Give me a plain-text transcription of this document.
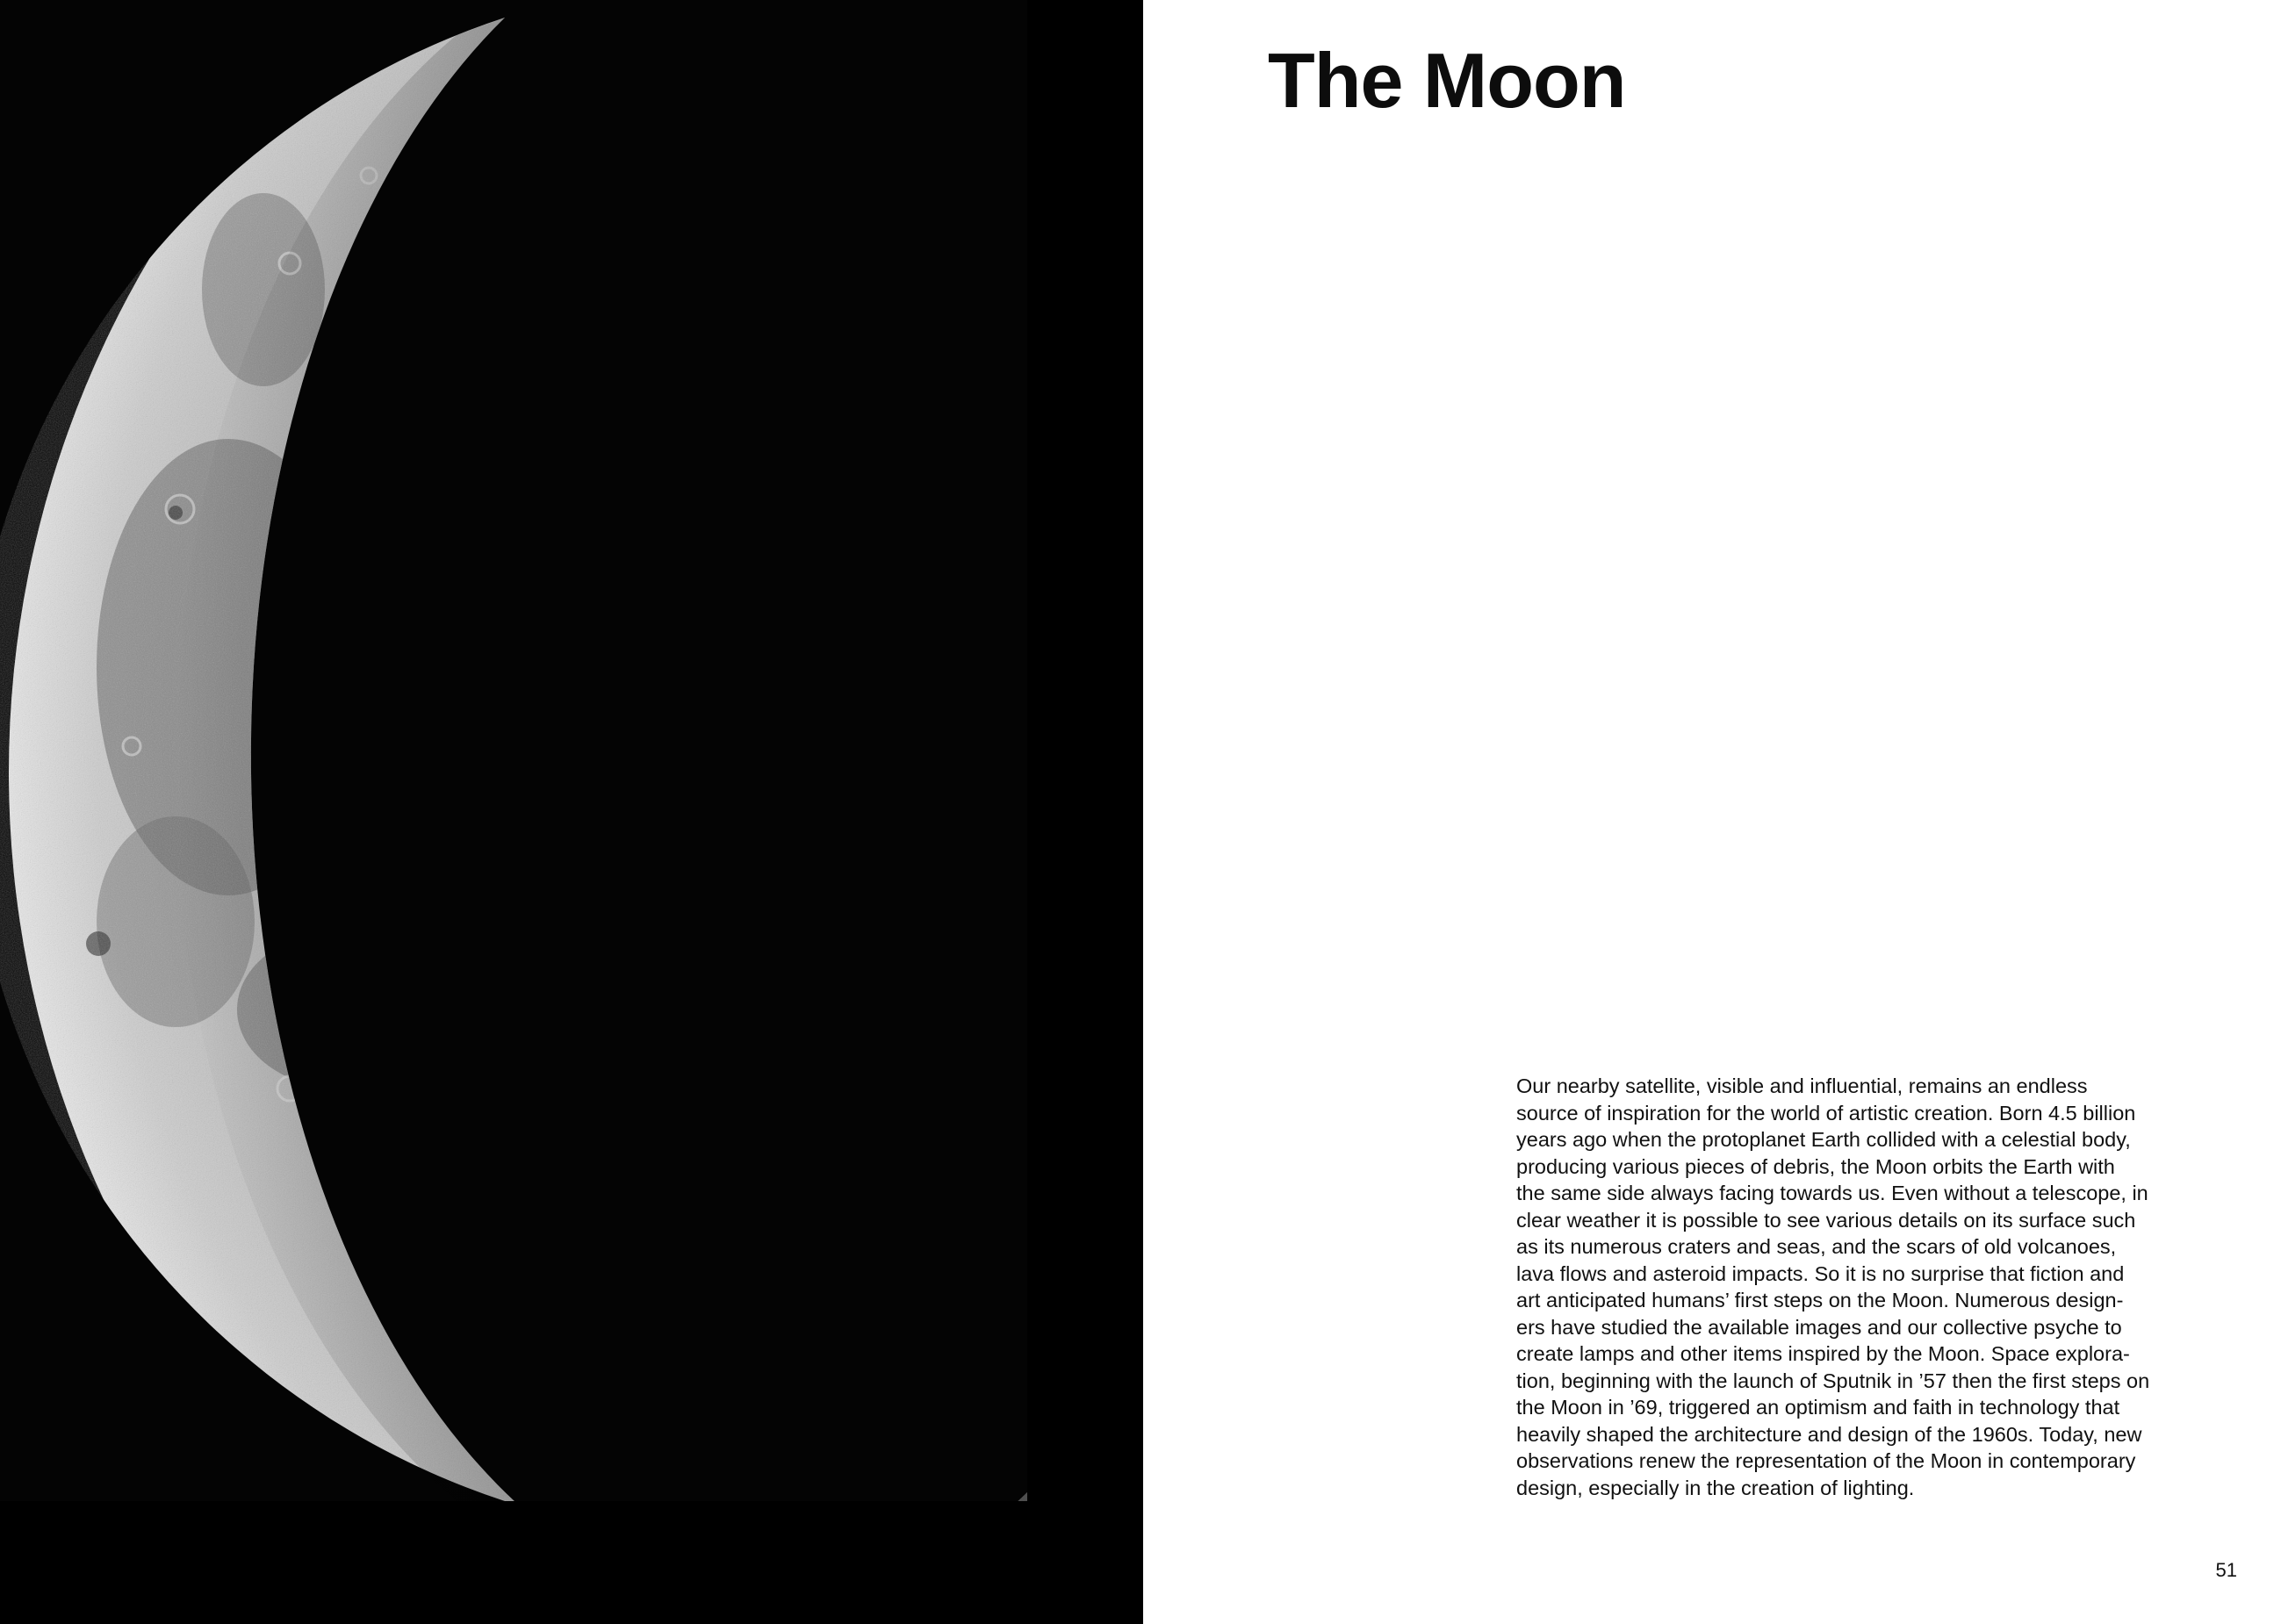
The Moon

Our nearby satellite, visible and influential, remains an endless
source of inspiration for the world of artistic creation. Born 4.5 billion
years ago when the protoplanet Earth collided with a celestial body,
producing various pieces of debris, the Moon orbits the Earth with
the same side always facing towards us. Even without a telescope, in
clear weather it is possible to see various details on its surface such
as its numerous craters and seas, and the scars of old volcanoes,
lava flows and asteroid impacts. So it is no surprise that fiction and
art anticipated humans’ first steps on the Moon. Numerous design-
ers have studied the available images and our collective psyche to
create lamps and other items inspired by the Moon. Space explora-
tion, beginning with the launch of Sputnik in ’57 then the first steps on
the Moon in ’69, triggered an optimism and faith in technology that
heavily shaped the architecture and design of the 1960s. Today, new
observations renew the representation of the Moon in contemporary
design, especially in the creation of lighting.

51
